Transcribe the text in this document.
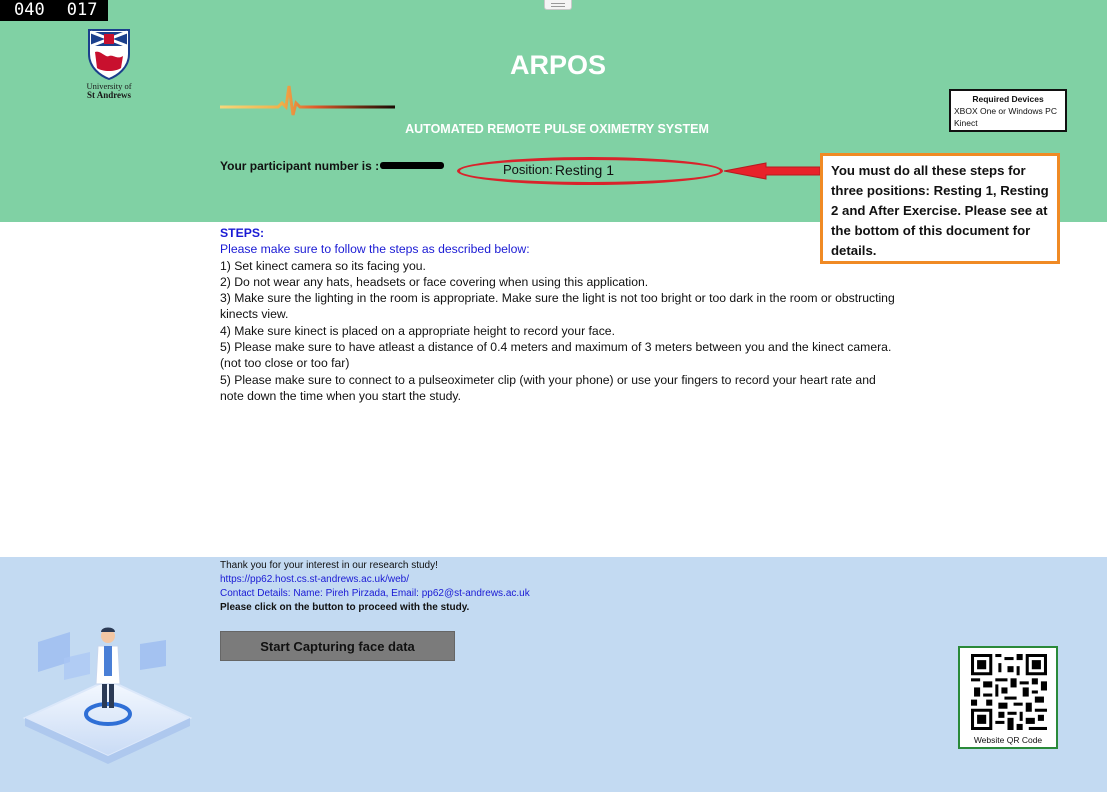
040 017
University of
St Andrews
ARPOS
AUTOMATED REMOTE PULSE OXIMETRY SYSTEM
Required Devices
XBOX One or Windows PC
Kinect
Your participant number is :	Position: Resting 1	You must do all these steps for three positions: Resting 1, Resting 2 and After Exercise. Please see at the bottom of this document for details.
STEPS:
Please make sure to follow the steps as described below:
1) Set kinect camera so its facing you.
2) Do not wear any hats, headsets or face covering when using this application.
3) Make sure the lighting in the room is appropriate. Make sure the light is not too bright or too dark in the room or obstructing kinects view.
4) Make sure kinect is placed on a appropriate height to record your face.
5) Please make sure to have atleast a distance of 0.4 meters and maximum of 3 meters between you and the kinect camera. (not too close or too far)
5) Please make sure to connect to a pulseoximeter clip (with your phone) or use your fingers to record your heart rate and note down the time when you start the study.
Thank you for your interest in our research study!
https://pp62.host.cs.st-andrews.ac.uk/web/
Contact Details: Name: Pireh Pirzada, Email: pp62@st-andrews.ac.uk
Please click on the button to proceed with the study.
Start Capturing face data
Website QR Code
